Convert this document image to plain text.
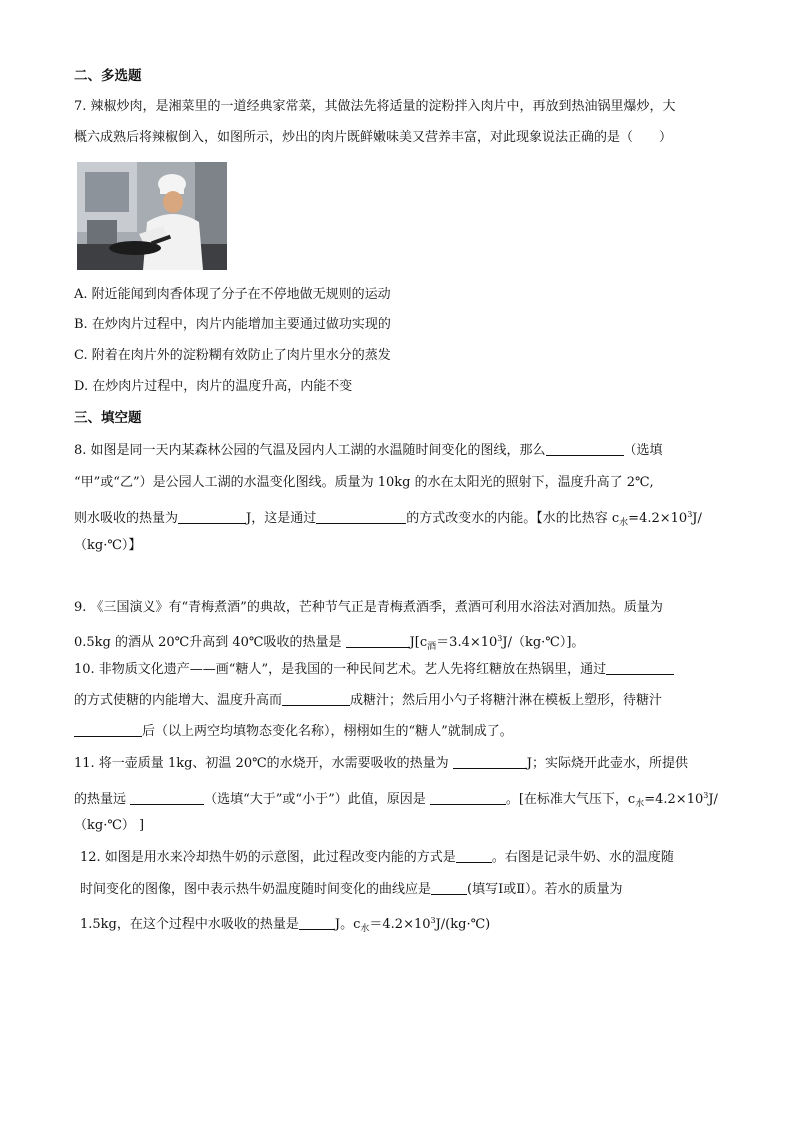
二、多选题
7. 辣椒炒肉，是湘菜里的一道经典家常菜，其做法先将适量的淀粉拌入肉片中，再放到热油锅里爆炒，大
概六成熟后将辣椒倒入，如图所示，炒出的肉片既鲜嫩味美又营养丰富，对此现象说法正确的是（　　）
A. 附近能闻到肉香体现了分子在不停地做无规则的运动
B. 在炒肉片过程中，肉片内能增加主要通过做功实现的
C. 附着在肉片外的淀粉糊有效防止了肉片里水分的蒸发
D. 在炒肉片过程中，肉片的温度升高，内能不变
三、填空题
8. 如图是同一天内某森林公园的气温及园内人工湖的水温随时间变化的图线，那么	（选填
“甲”或“乙”）是公园人工湖的水温变化图线。质量为 10kg 的水在太阳光的照射下，温度升高了 2℃,
则水吸收的热量为	J，这是通过	的方式改变水的内能。【水的比热容 $c_水=4.2\times 10^3J/$
（kg·℃）】
9. 《三国演义》有“青梅煮酒”的典故，芒种节气正是青梅煮酒季，煮酒可利用水浴法对酒加热。质量为
0.5kg 的酒从 20℃升高到 40℃吸收的热量是	$J[c_酒=3.4\times 10^3J/(kg\cdot℃)]$。
10. 非物质文化遗产——画“糖人”，是我国的一种民间艺术。艺人先将红糖放在热锅里，通过
的方式使糖的内能增大、温度升高而	成糖汁；然后用小勺子将糖汁淋在模板上塑形，待糖汁
后（以上两空均填物态变化名称），栩栩如生的“糖人”就制成了。
11. 将一壶质量 1kg、初温 20℃的水烧开，水需要吸收的热量为	J；实际烧开此壶水，所提供
的热量远	（选填“大于”或“小于”）此值，原因是	。[在标准大气压下，$c_水=4.2\times 10^3J/$
（kg·℃） ]
12. 如图是用水来冷却热牛奶的示意图，此过程改变内能的方式是	。右图是记录牛奶、水的温度随
时间变化的图像，图中表示热牛奶温度随时间变化的曲线应是	(填写Ⅰ或Ⅱ）。若水的质量为
1.5kg，在这个过程中水吸收的热量是	J。$c_水=4.2\times 10^3J/(kg\cdot℃)$
